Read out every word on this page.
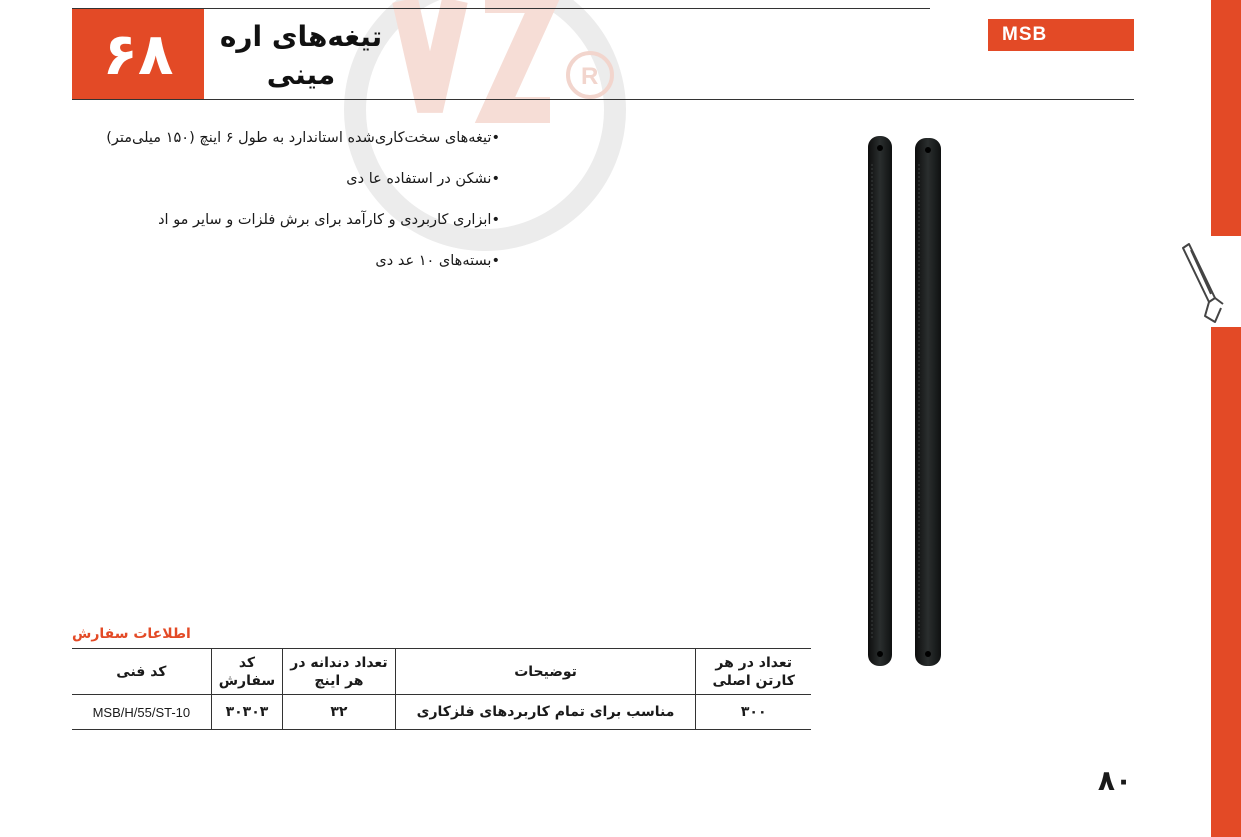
R
۶۸	تیغه‌های اره
مینی
MSB
•تیغه‌های سخت‌کاری‌شده استاندارد به طول ۶ اینچ (۱۵۰ میلی‌متر)
•نشکن در استفاده عا دی
•ابزاری کاربردی و کارآمد برای برش فلزات و سایر مو اد
•بسته‌های ۱۰ عد دی
اطلاعات سفارش
کد فنی	کد سفارش	تعداد دندانه در هر اینچ	توضیحات	تعداد در هر کارتن اصلی
MSB/H/55/ST-10	۳۰۳۰۳	۳۲	مناسب برای تمام کاربردهای فلزکاری	۳۰۰
۸۰
